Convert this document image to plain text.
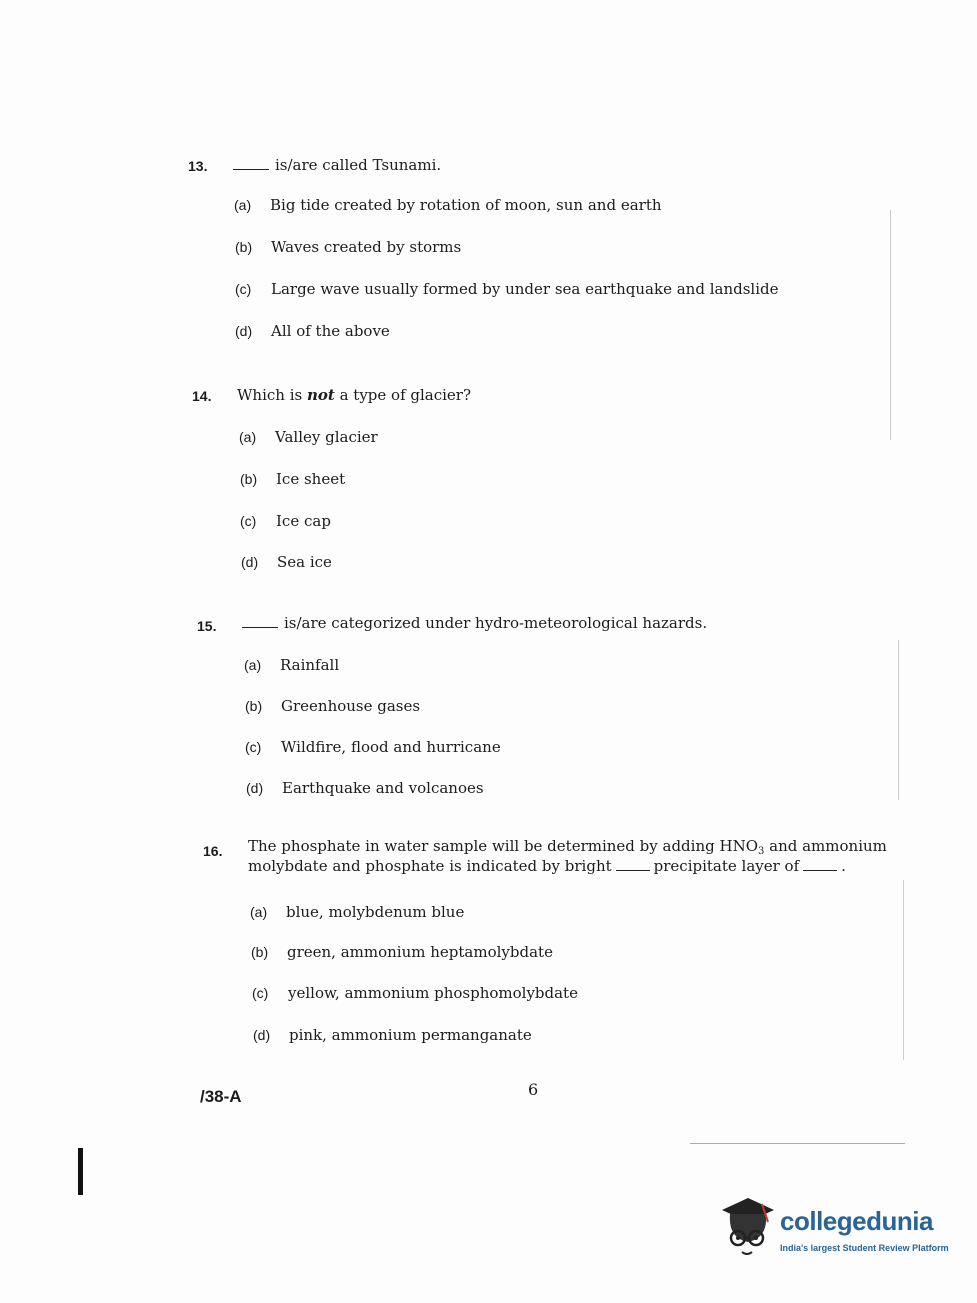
13.	is/are called Tsunami.
(a) Big tide created by rotation of moon, sun and earth
(b) Waves created by storms
(c) Large wave usually formed by under sea earthquake and landslide
(d) All of the above
14. Which is not a type of glacier?
(a) Valley glacier
(b) Ice sheet
(c) Ice cap
(d) Sea ice
15.	is/are categorized under hydro-meteorological hazards.
(a) Rainfall
(b) Greenhouse gases
(c) Wildfire, flood and hurricane
(d) Earthquake and volcanoes
16. The phosphate in water sample will be determined by adding $HNO_3$ and ammonium
molybdate and phosphate is indicated by bright	precipitate layer of	.
(a) blue, molybdenum blue
(b) green, ammonium heptamolybdate
(c) yellow, ammonium phosphomolybdate
(d) pink, ammonium permanganate
/38-A	6
collegedunia
India's largest Student Review Platform
